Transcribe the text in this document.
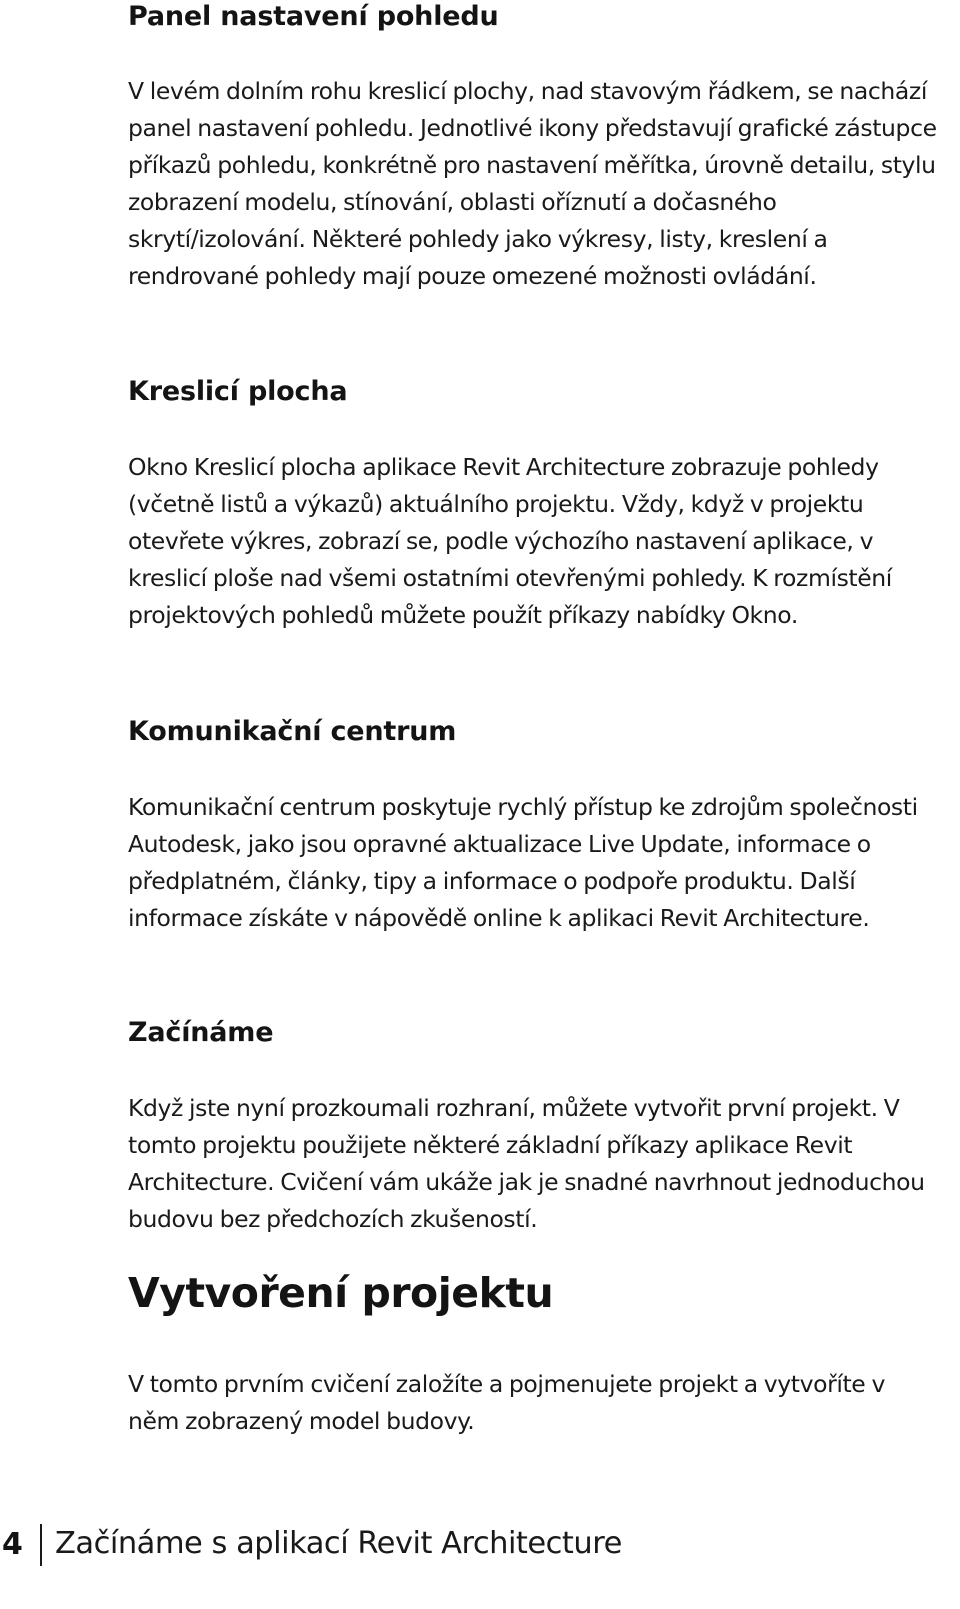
Panel nastavení pohledu

V levém dolním rohu kreslicí plochy, nad stavovým řádkem, se nachází panel nastavení pohledu. Jednotlivé ikony představují grafické zástupce příkazů pohledu, konkrétně pro nastavení měřítka, úrovně detailu, stylu zobrazení modelu, stínování, oblasti oříznutí a dočasného skrytí/izolování. Některé pohledy jako výkresy, listy, kreslení a rendrované pohledy mají pouze omezené možnosti ovládání.

Kreslicí plocha

Okno Kreslicí plocha aplikace Revit Architecture zobrazuje pohledy (včetně listů a výkazů) aktuálního projektu. Vždy, když v projektu otevřete výkres, zobrazí se, podle výchozího nastavení aplikace, v kreslicí ploše nad všemi ostatními otevřenými pohledy. K rozmístění projektových pohledů můžete použít příkazy nabídky Okno.

Komunikační centrum

Komunikační centrum poskytuje rychlý přístup ke zdrojům společnosti Autodesk, jako jsou opravné aktualizace Live Update, informace o předplatném, články, tipy a informace o podpoře produktu. Další informace získáte v nápovědě online k aplikaci Revit Architecture.

Začínáme

Když jste nyní prozkoumali rozhraní, můžete vytvořit první projekt. V tomto projektu použijete některé základní příkazy aplikace Revit Architecture. Cvičení vám ukáže jak je snadné navrhnout jednoduchou budovu bez předchozích zkušeností.

Vytvoření projektu

V tomto prvním cvičení založíte a pojmenujete projekt a vytvoříte v něm zobrazený model budovy.

4 Začínáme s aplikací Revit Architecture
